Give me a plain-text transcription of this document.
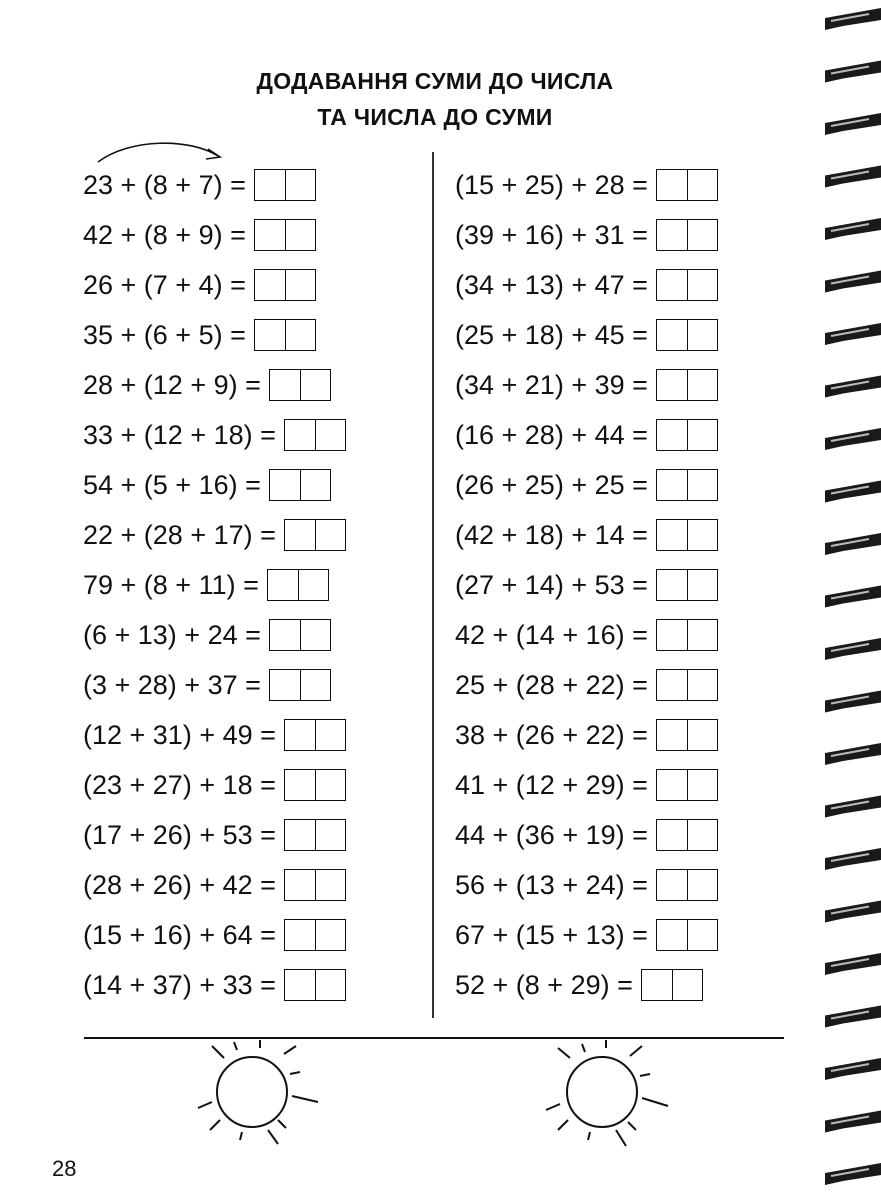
ДОДАВАННЯ СУМИ ДО ЧИСЛА
ТА ЧИСЛА ДО СУМИ
23 + (8 + 7) =
42 + (8 + 9) =
26 + (7 + 4) =
35 + (6 + 5) =
28 + (12 + 9) =
33 + (12 + 18) =
54 + (5 + 16) =
22 + (28 + 17) =
79 + (8 + 11) =
(6 + 13) + 24 =
(3 + 28) + 37 =
(12 + 31) + 49 =
(23 + 27) + 18 =
(17 + 26) + 53 =
(28 + 26) + 42 =
(15 + 16) + 64 =
(14 + 37) + 33 =
(15 + 25) + 28 =
(39 + 16) + 31 =
(34 + 13) + 47 =
(25 + 18) + 45 =
(34 + 21) + 39 =
(16 + 28) + 44 =
(26 + 25) + 25 =
(42 + 18) + 14 =
(27 + 14) + 53 =
42 + (14 + 16) =
25 + (28 + 22) =
38 + (26 + 22) =
41 + (12 + 29) =
44 + (36 + 19) =
56 + (13 + 24) =
67 + (15 + 13) =
52 + (8 + 29) =
28
